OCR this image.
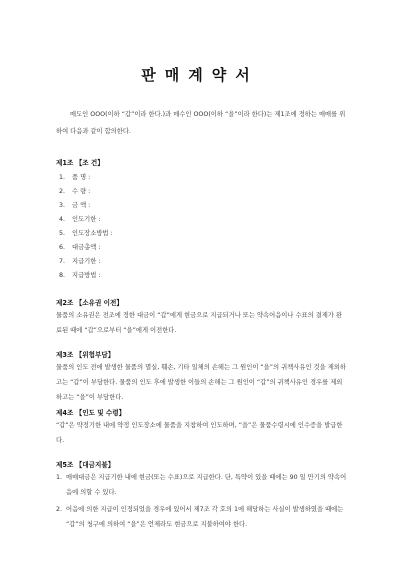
판매계약서
매도인 OOO(이하 “갑”이라 한다.)과 매수인 OOO(이하 “을”이라 한다)는 제1조에 정하는 매매를 위하여 다음과 같이 합의한다.
제1조 【조 건】
1. 품 명 :
2. 수 량 :
3. 금 액 :
4. 인도기한 :
5. 인도장소방법 :
6. 대금총액 :
7. 지급기한 :
8. 지급방법 :
제2조 【소유권 이전】
물품의 소유권은 전조에 정한 대금이 “갑”에게 현금으로 지급되거나 또는 약속어음이나 수표의 결제가 완료된 때에 “갑”으로부터 “을”에게 이전한다.
제3조 【위험부담】
물품의 인도 전에 발생한 물품의 멸실, 훼손, 기타 일체의 손해는 그 원인이 “을”의 귀책사유인 것을 제외하고는 “갑”이 부담한다. 물품의 인도 후에 발생한 이들의 손해는 그 원인이 “갑”의 귀책사유인 경우를 제외하고는 “을”이 부담한다.
제4조 【인도 및 수령】
“갑”은 약정기한 내에 약정 인도장소에 물품을 지참하여 인도하며, “을”은 물품수령시에 인수증을 발급한다.
제5조 【대금지불】
1. 매매대금은 지급기한 내에 현금(또는 수표)으로 지급한다. 단, 특약이 있을 때에는 90 일 만기의 약속어음에 의할 수 있다.
2. 어음에 의한 지급이 인정되었을 경우에 있어서 제7조 각 호의 1에 해당하는 사실이 발생하였을 때에는 “갑”의 청구에 의하여 “을”은 언제라도 현금으로 지불하여야 한다.
